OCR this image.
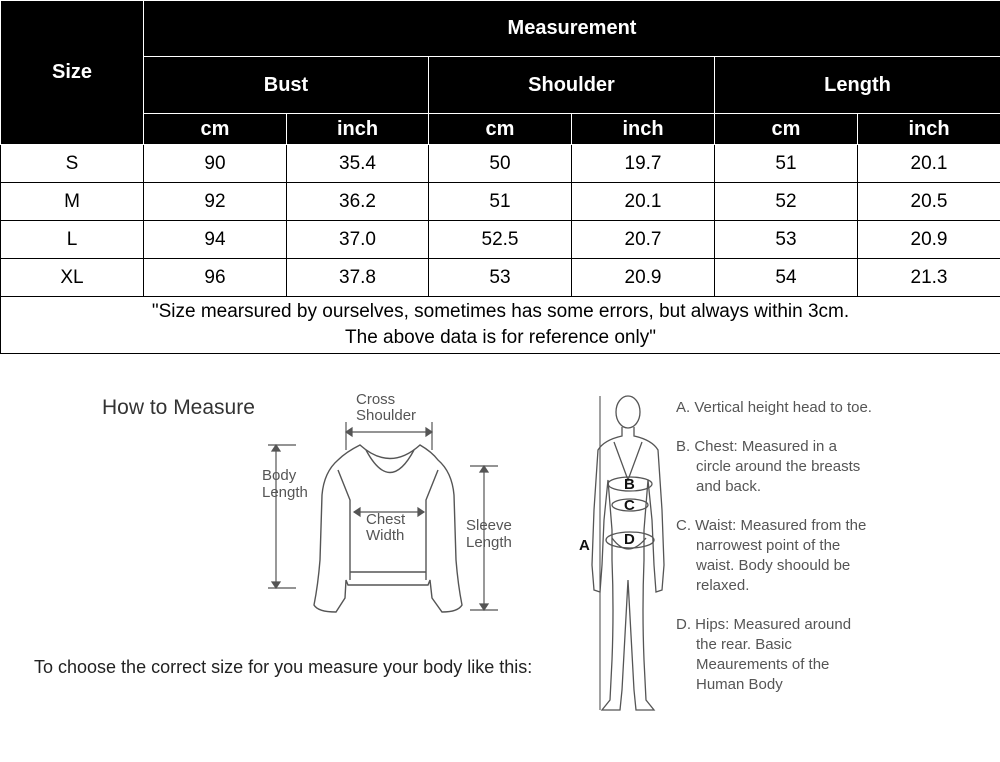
Size	Measurement					
	Bust		Shoulder		Length	
	cm	inch	cm	inch	cm	inch
S	90	35.4	50	19.7	51	20.1
M	92	36.2	51	20.1	52	20.5
L	94	37.0	52.5	20.7	53	20.9
XL	96	37.8	53	20.9	54	21.3

"Size mearsured by ourselves, sometimes has some errors, but always within 3cm.
The above data is for reference only"						
How to Measure
To choose the correct size for you measure your body like this:
Cross
Shoulder
Body
Length
Chest
Width
Sleeve
Length
B
C
D
A
A. Vertical height head to toe.
B. Chest: Measured in a circle around the breasts and back.
C. Waist: Measured from the narrowest point of the waist. Body shoould be relaxed.
D. Hips: Measured around the rear. Basic Meaurements of the Human Body
